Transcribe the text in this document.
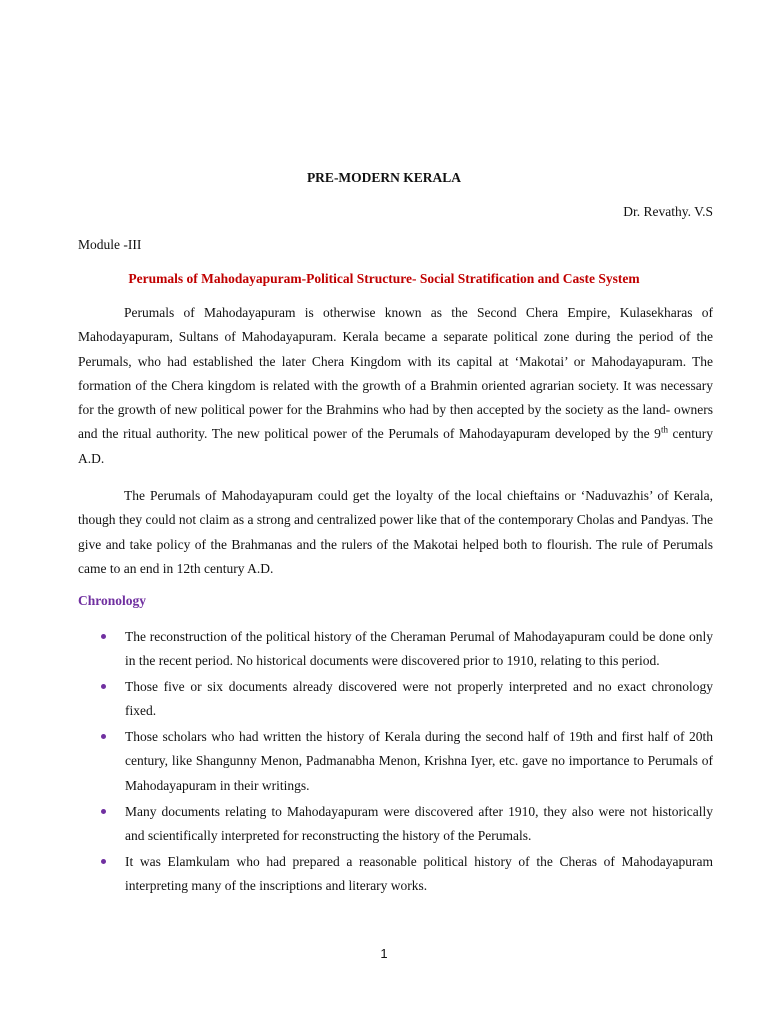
PRE-MODERN KERALA
Dr. Revathy. V.S
Module -III
Perumals of Mahodayapuram-Political Structure- Social Stratification and Caste System

Perumals of Mahodayapuram is otherwise known as the Second Chera Empire, Kulasekharas of Mahodayapuram, Sultans of Mahodayapuram. Kerala became a separate political zone during the period of the Perumals, who had established the later Chera Kingdom with its capital at ‘Makotai’ or Mahodayapuram. The formation of the Chera kingdom is related with the growth of a Brahmin oriented agrarian society. It was necessary for the growth of new political power for the Brahmins who had by then accepted by the society as the land- owners and the ritual authority. The new political power of the Perumals of Mahodayapuram developed by the 9th century A.D.

The Perumals of Mahodayapuram could get the loyalty of the local chieftains or ‘Naduvazhis’ of Kerala, though they could not claim as a strong and centralized power like that of the contemporary Cholas and Pandyas. The give and take policy of the Brahmanas and the rulers of the Makotai helped both to flourish. The rule of Perumals came to an end in 12th century A.D.

Chronology
The reconstruction of the political history of the Cheraman Perumal of Mahodayapuram could be done only in the recent period. No historical documents were discovered prior to 1910, relating to this period.
Those five or six documents already discovered were not properly interpreted and no exact chronology fixed.
Those scholars who had written the history of Kerala during the second half of 19th and first half of 20th century, like Shangunny Menon, Padmanabha Menon, Krishna Iyer, etc. gave no importance to Perumals of Mahodayapuram in their writings.
Many documents relating to Mahodayapuram were discovered after 1910, they also were not historically and scientifically interpreted for reconstructing the history of the Perumals.
It was Elamkulam who had prepared a reasonable political history of the Cheras of Mahodayapuram interpreting many of the inscriptions and literary works.
1
